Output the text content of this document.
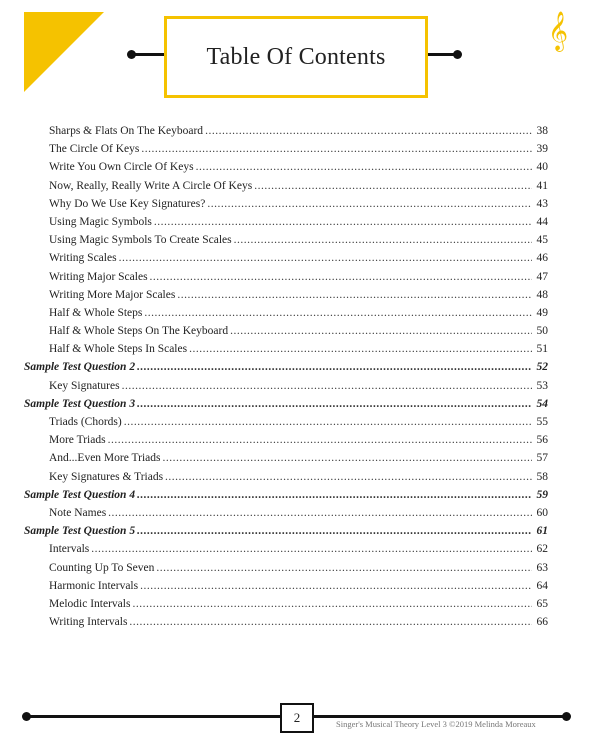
𝄞
Table Of Contents
Sharps & Flats On The Keyboard .....	38
The Circle Of Keys .....	39
Write You Own Circle Of Keys .....	40
Now, Really, Really Write A Circle Of Keys .....	41
Why Do We Use Key Signatures? .....	43
Using Magic Symbols .....	44
Using Magic Symbols To Create Scales .....	45
Writing Scales .....	46
Writing Major Scales .....	47
Writing More Major Scales .....	48
Half & Whole Steps .....	49
Half & Whole Steps On The Keyboard .....	50
Half & Whole Steps In Scales .....	51
Sample Test Question 2 .....	52
Key Signatures .....	53
Sample Test Question 3 .....	54
Triads (Chords) .....	55
More Triads .....	56
And...Even More Triads .....	57
Key Signatures & Triads .....	58
Sample Test Question 4 .....	59
Note Names .....	60
Sample Test Question 5 .....	61
Intervals .....	62
Counting Up To Seven .....	63
Harmonic Intervals .....	64
Melodic Intervals .....	65
Writing Intervals .....	66
2	Singer's Musical Theory Level 3 ©2019 Melinda Moreaux
